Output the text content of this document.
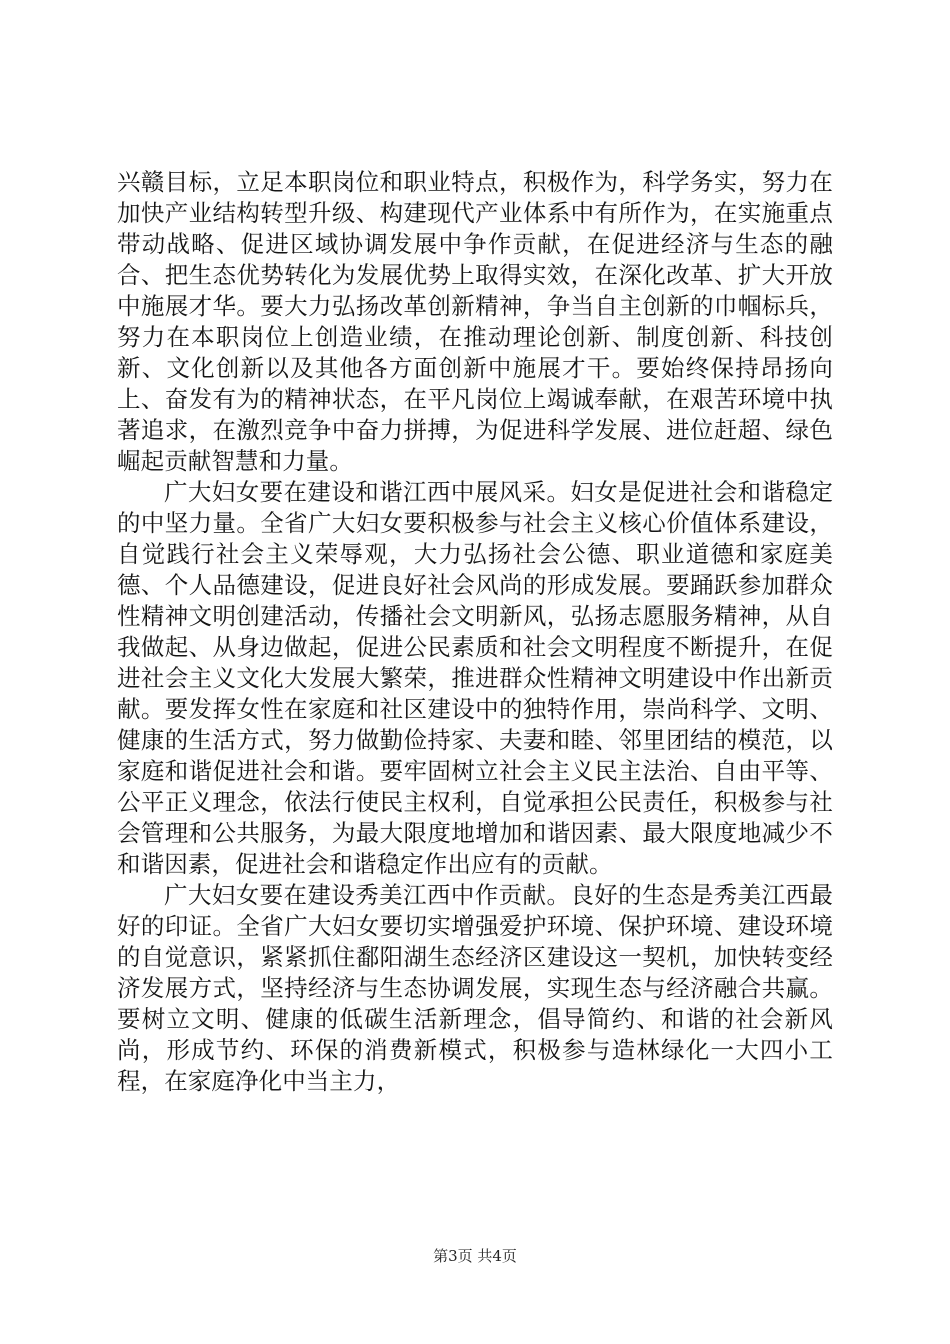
兴赣目标，立足本职岗位和职业特点，积极作为，科学务实，努力在加快产业结构转型升级、构建现代产业体系中有所作为，在实施重点带动战略、促进区域协调发展中争作贡献，在促进经济与生态的融合、把生态优势转化为发展优势上取得实效，在深化改革、扩大开放中施展才华。要大力弘扬改革创新精神，争当自主创新的巾帼标兵，努力在本职岗位上创造业绩，在推动理论创新、制度创新、科技创新、文化创新以及其他各方面创新中施展才干。要始终保持昂扬向上、奋发有为的精神状态，在平凡岗位上竭诚奉献，在艰苦环境中执著追求，在激烈竞争中奋力拼搏，为促进科学发展、进位赶超、绿色崛起贡献智慧和力量。

广大妇女要在建设和谐江西中展风采。妇女是促进社会和谐稳定的中坚力量。全省广大妇女要积极参与社会主义核心价值体系建设，自觉践行社会主义荣辱观，大力弘扬社会公德、职业道德和家庭美德、个人品德建设，促进良好社会风尚的形成发展。要踊跃参加群众性精神文明创建活动，传播社会文明新风，弘扬志愿服务精神，从自我做起、从身边做起，促进公民素质和社会文明程度不断提升，在促进社会主义文化大发展大繁荣，推进群众性精神文明建设中作出新贡献。要发挥女性在家庭和社区建设中的独特作用，崇尚科学、文明、健康的生活方式，努力做勤俭持家、夫妻和睦、邻里团结的模范，以家庭和谐促进社会和谐。要牢固树立社会主义民主法治、自由平等、公平正义理念，依法行使民主权利，自觉承担公民责任，积极参与社会管理和公共服务，为最大限度地增加和谐因素、最大限度地减少不和谐因素，促进社会和谐稳定作出应有的贡献。

广大妇女要在建设秀美江西中作贡献。良好的生态是秀美江西最好的印证。全省广大妇女要切实增强爱护环境、保护环境、建设环境的自觉意识，紧紧抓住鄱阳湖生态经济区建设这一契机，加快转变经济发展方式，坚持经济与生态协调发展，实现生态与经济融合共赢。要树立文明、健康的低碳生活新理念，倡导简约、和谐的社会新风尚，形成节约、环保的消费新模式，积极参与造林绿化一大四小工程，在家庭净化中当主力，

第3页 共4页
